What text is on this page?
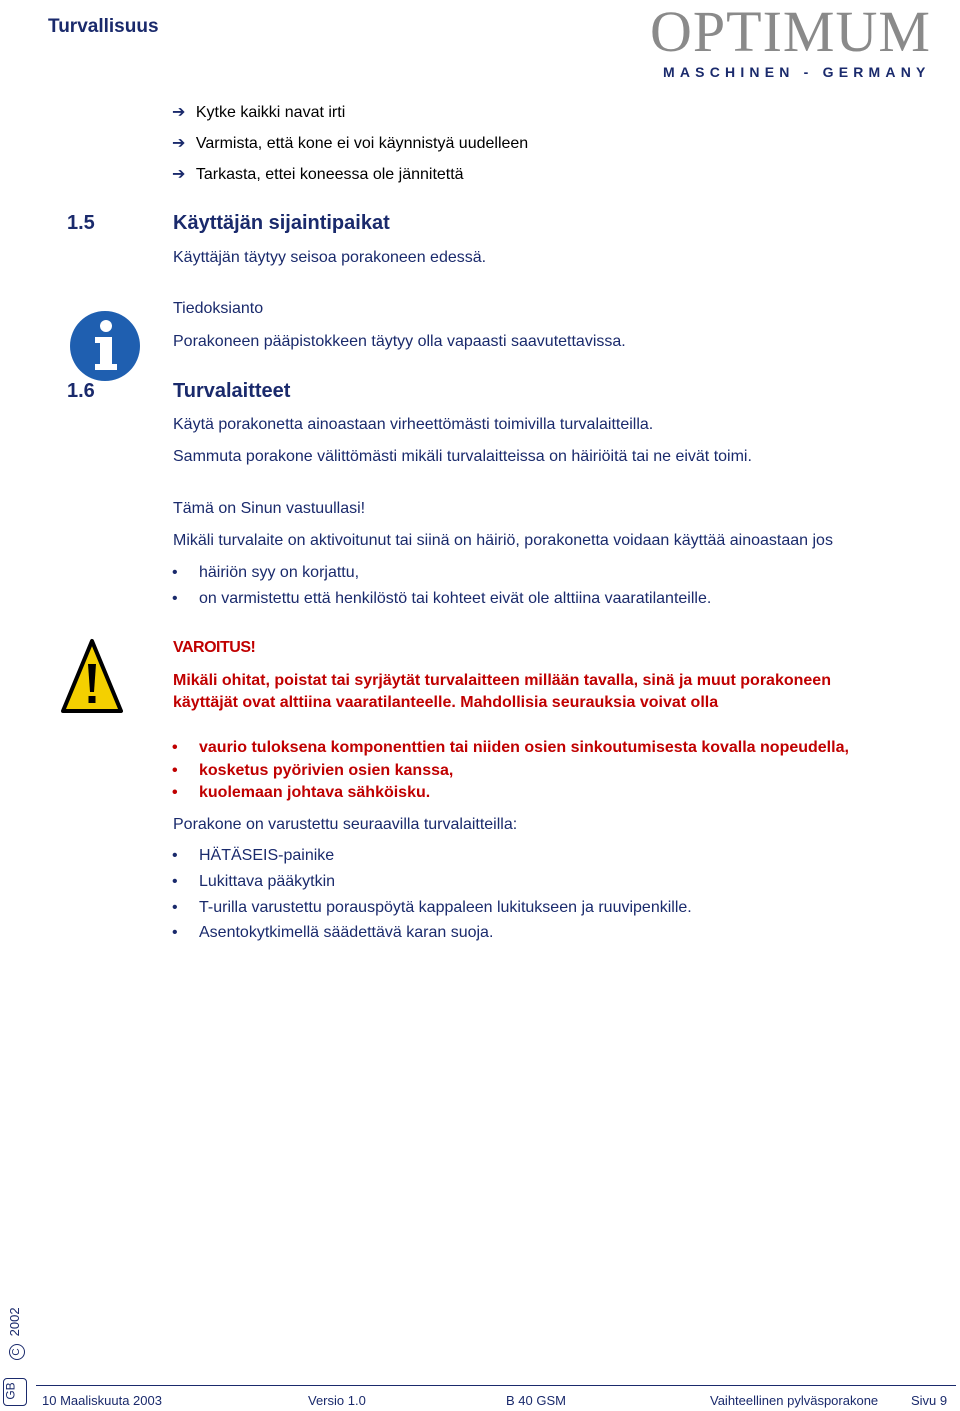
Turvallisuus	OPTIMUM
MASCHINEN - GERMANY
➔ Kytke kaikki navat irti
➔ Varmista, että kone ei voi käynnistyä uudelleen
➔ Tarkasta, ettei koneessa ole jännitettä
1.5	Käyttäjän sijaintipaikat
Käyttäjän täytyy seisoa porakoneen edessä.
Tiedoksianto
Porakoneen pääpistokkeen täytyy olla vapaasti saavutettavissa.
1.6	Turvalaitteet
Käytä porakonetta ainoastaan virheettömästi toimivilla turvalaitteilla.
Sammuta porakone välittömästi mikäli turvalaitteissa on häiriöitä tai ne eivät toimi.
Tämä on Sinun vastuullasi!
Mikäli turvalaite on aktivoitunut tai siinä on häiriö, porakonetta voidaan käyttää ainoastaan jos
• häiriön syy on korjattu,
• on varmistettu että henkilöstö tai kohteet eivät ole alttiina vaaratilanteille.
VAROITUS!
Mikäli ohitat, poistat tai syrjäytät turvalaitteen millään tavalla, sinä ja muut porakoneen
käyttäjät ovat alttiina vaaratilanteelle. Mahdollisia seurauksia voivat olla
• vaurio tuloksena komponenttien tai niiden osien sinkoutumisesta kovalla nopeudella,
• kosketus pyörivien osien kanssa,
• kuolemaan johtava sähköisku.
Porakone on varustettu seuraavilla turvalaitteilla:
• HÄTÄSEIS-painike
• Lukittava pääkytkin
• T-urilla varustettu porauspöytä kappaleen lukitukseen ja ruuvipenkille.
• Asentokytkimellä säädettävä karan suoja.
C 2002
GB
10 Maaliskuuta 2003	Versio 1.0	B 40 GSM	Vaihteellinen pylväsporakone	Sivu 9
